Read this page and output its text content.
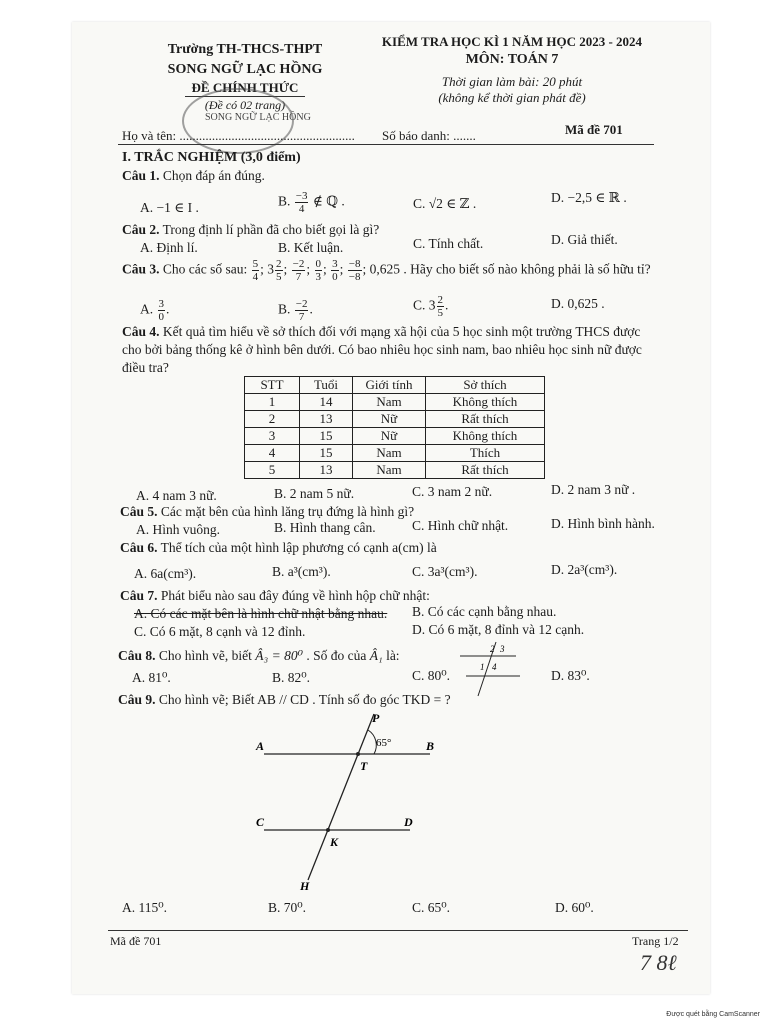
Trường TH-THCS-THPT
SONG NGỮ LẠC HỒNG
ĐỀ CHÍNH THỨC
(Đề có 02 trang)
SONG NGỮ LẠC HỒNG
KIỂM TRA HỌC KÌ 1 NĂM HỌC 2023 - 2024
MÔN: TOÁN 7
Thời gian làm bài: 20 phút
(không kể thời gian phát đề)
Họ và tên: ...................................................... Số báo danh: .......	Mã đề 701
I. TRẮC NGHIỆM (3,0 điểm)
Câu 1. Chọn đáp án đúng.
A. −1 ∈ I .	B. $\frac{-3}{4}$ ∉ ℚ .	C. √2 ∈ ℤ .	D. −2,5 ∈ ℝ .
Câu 2. Trong định lí phần đã cho biết gọi là gì?
A. Định lí.	B. Kết luận.	C. Tính chất.	D. Giả thiết.
Câu 3. Cho các số sau: $\frac{5}{4}$ ; $3 \frac{2}{5}$ ; $\frac{-2}{7}$ ; $\frac{0}{3}$ ; $\frac{3}{0}$ ; $\frac{-8}{-8}$ ; 0,625 . Hãy cho biết số nào không phải là số hữu tỉ?
A. $\frac{3}{0}$ .	B. $\frac{-2}{7}$ .	C. $3 \frac{2}{5}$ .	D. 0,625 .
Câu 4. Kết quả tìm hiểu về sở thích đối với mạng xã hội của 5 học sinh một trường THCS được
cho bởi bảng thống kê ở hình bên dưới. Có bao nhiêu học sinh nam, bao nhiêu học sinh nữ được
điều tra?
STT	Tuổi	Giới tính	Sở thích
1	14	Nam	Không thích
2	13	Nữ	Rất thích
3	15	Nữ	Không thích
4	15	Nam	Thích
5	13	Nam	Rất thích
A. 4 nam 3 nữ.	B. 2 nam 5 nữ.	C. 3 nam 2 nữ.	D. 2 nam 3 nữ .
Câu 5. Các mặt bên của hình lăng trụ đứng là hình gì?
A. Hình vuông.	B. Hình thang cân.	C. Hình chữ nhật.	D. Hình bình hành.
Câu 6. Thể tích của một hình lập phương có cạnh a(cm) là
A. 6a(cm³).	B. a³(cm³).	C. 3a³(cm³).	D. 2a³(cm³).
Câu 7. Phát biểu nào sau đây đúng về hình hộp chữ nhật:
A. Có các mặt bên là hình chữ nhật bằng nhau. B. Có các cạnh bằng nhau.
C. Có 6 mặt, 8 cạnh và 12 đỉnh.	D. Có 6 mặt, 8 đỉnh và 12 cạnh.
Câu 8. Cho hình vẽ, biết Â₃ = 80⁰ . Số đo của Â₁ là:	2 3
1 4
A. 81⁰.	B. 82⁰.	C. 80⁰.	D. 83⁰.
Câu 9. Cho hình vẽ; Biết AB // CD . Tính số đo góc TKD = ?
P
A	B
T
65°
C	D
K
H
A. 115⁰.	B. 70⁰.	C. 65⁰.	D. 60⁰.
Mã đề 701	Trang 1/2
7 8ℓ
Được quét bằng CamScanner
